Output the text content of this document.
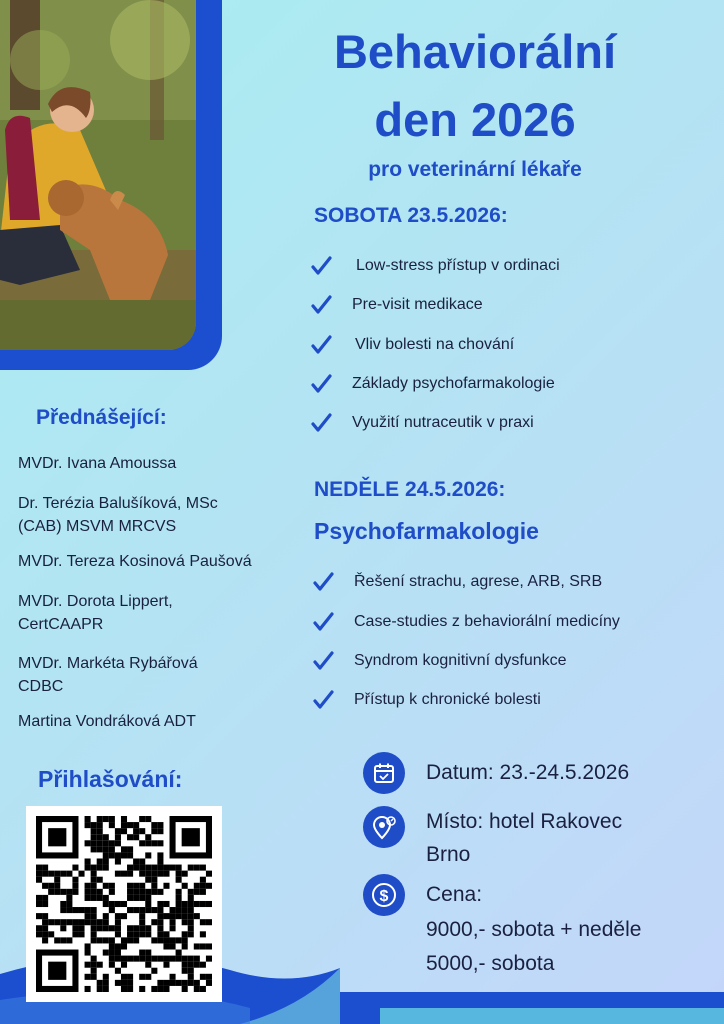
Behaviorální
den 2026
pro veterinární lékaře
SOBOTA 23.5.2026:
Low-stress přístup v ordinaci
Pre-visit medikace
Vliv bolesti na chování
Základy psychofarmakologie
Využití nutraceutik v praxi
NEDĚLE 24.5.2026:
Psychofarmakologie
Řešení strachu, agrese, ARB, SRB
Case-studies z behaviorální medicíny
Syndrom kognitivní dysfunkce
Přístup k chronické bolesti
Přednášející:
MVDr. Ivana Amoussa
Dr. Terézia Balušíková, MSc
(CAB) MSVM MRCVS
MVDr. Tereza Kosinová Paušová
MVDr. Dorota Lippert,
CertCAAPR
MVDr. Markéta Rybářová
CDBC
Martina Vondráková ADT
Přihlašování:	Datum: 23.-24.5.2026
Místo: hotel Rakovec
Brno
$ Cena:
9000,- sobota + neděle
5000,- sobota
